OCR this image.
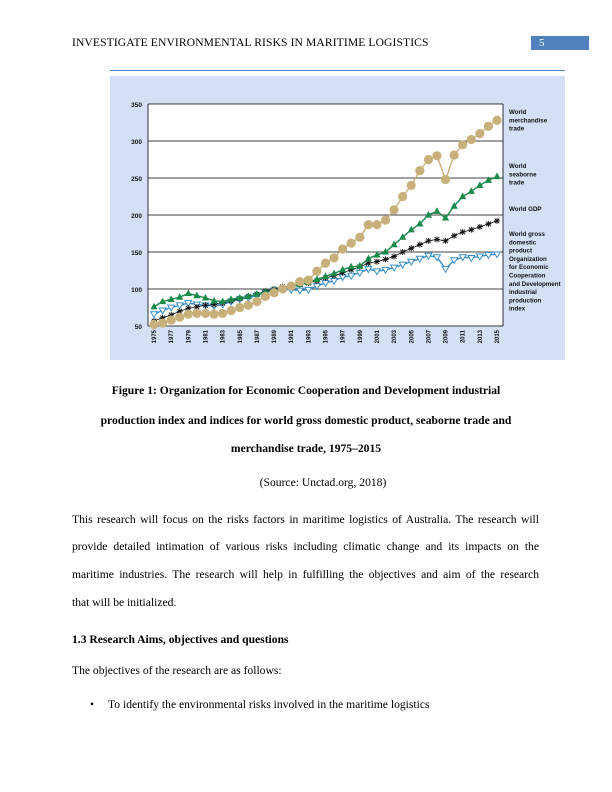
INVESTIGATE ENVIRONMENTAL RISKS IN MARITIME LOGISTICS	5
50
100
150
200
250
300
350
1975 1977 1979 1981 1983 1985 1987 1989 1991 1993 1995 1997 1999 2001 2003 2005 2007 2009 2011 2013 2015
World
merchandise
trade
World
seaborne
trade
World GDP
World gross
domestic
product
Organization
for Economic
Cooperation
and Development
industrial
production
index
Figure 1: Organization for Economic Cooperation and Development industrial
production index and indices for world gross domestic product, seaborne trade and
merchandise trade, 1975–2015
(Source: Unctad.org, 2018)
This research will focus on the risks factors in maritime logistics of Australia. The research will
provide detailed intimation of various risks including climatic change and its impacts on the
maritime industries. The research will help in fulfilling the objectives and aim of the research
that will be initialized.
1.3 Research Aims, objectives and questions
The objectives of the research are as follows:
• To identify the environmental risks involved in the maritime logistics
